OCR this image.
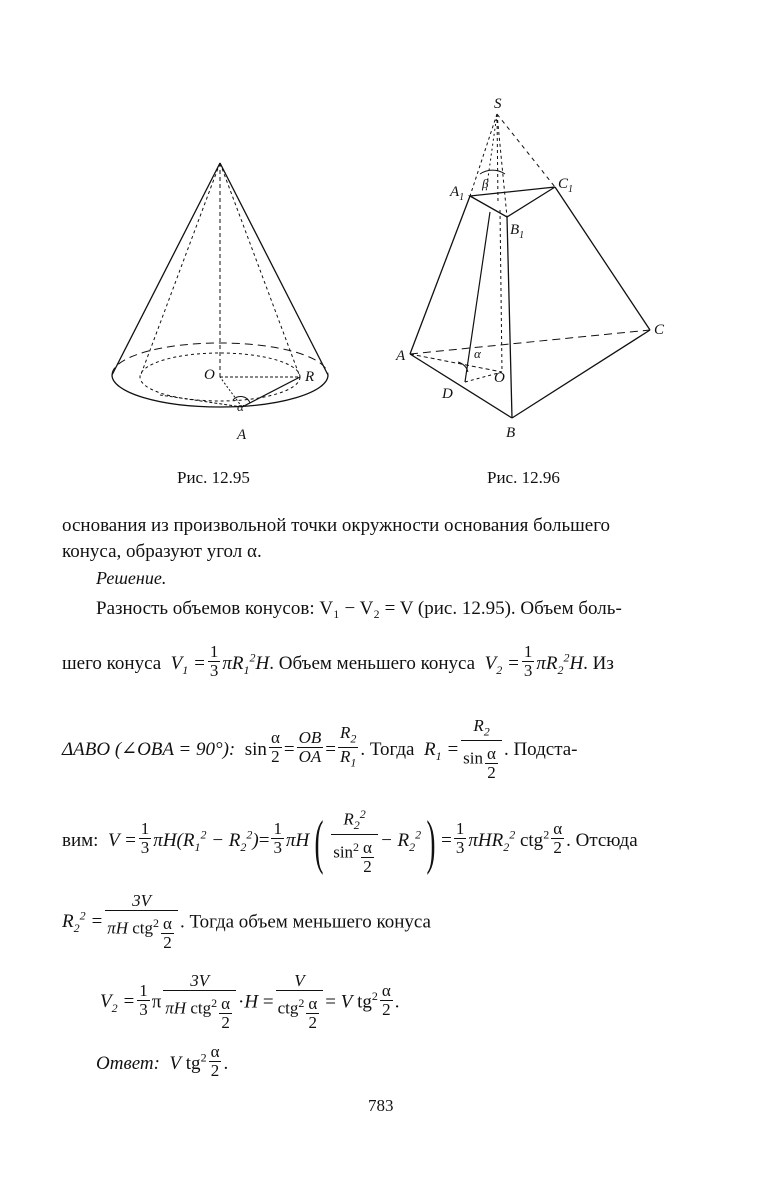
O	R
α
A
Рис. 12.95
S
β
$A_1$
$C_1$
$B_1$
A	α
O
D
B
C
Рис. 12.96
основания из произвольной точки окружности основания большего
конуса, образуют угол α.
Решение.
Разность объемов конусов: V₁ − V₂ = V (рис. 12.95). Объем боль-
шего конуса  $V_1 = \frac{1}{3} \pi R_1^2H$. Объем меньшего конуса  $V_2 = \frac{1}{3} \pi R_2^2H$. Из
ΔABO (∠OBA = 90°):  $\sin \frac{\alpha}{2} = \frac{OB}{OA} = \frac{R_2}{R_1}$ . Тогда  $R_1 = \frac{R_2}{\sin \frac{\alpha}{2}}$ . Подста-
вим:  $V = \frac{1}{3} \pi H(R_1^2 - R_2^2)= \frac{1}{3} \pi H( \frac{R_2^2}{\sin^2 \frac{\alpha}{2}} - R_2^2) = \frac{1}{3} \pi HR_2^2$ $ctg^2 \frac{\alpha}{2}$ . Отсюда
$R_2^2 = \frac{3V}{\pi H ctg^2 \frac{\alpha}{2}}$ . Тогда объем меньшего конуса
$V_2 = \frac{1}{3}$ π $\frac{3V}{\pi H ctg^2 \frac{\alpha}{2}} \cdot H = \frac{V}{ctg^2 \frac{\alpha}{2}} = V$ $tg^2 \frac{\alpha}{2}$ .
Ответ: V $tg^2 \frac{\alpha}{2}$ .
783
